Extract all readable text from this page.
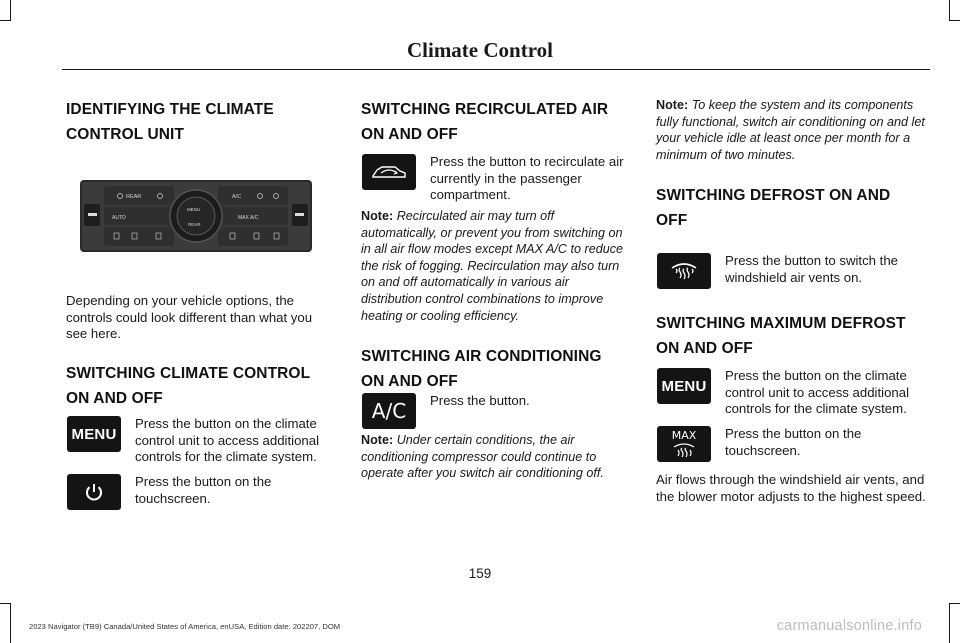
Climate Control
IDENTIFYING THE CLIMATE
CONTROL UNIT
REAR	A/C
AUTO
MENU
REAR
MAX A/C

Depending on your vehicle options, the controls could look different than what you see here.

SWITCHING CLIMATE CONTROL
ON AND OFF
MENU
Press the button on the climate control unit to access additional controls for the climate system.
Press the button on the touchscreen.
SWITCHING RECIRCULATED AIR
ON AND OFF
Press the button to recirculate air currently in the passenger compartment.

Note: Recirculated air may turn off automatically, or prevent you from switching on in all air flow modes except MAX A/C to reduce the risk of fogging. Recirculation may also turn on and off automatically in various air distribution control combinations to improve heating or cooling efficiency.

SWITCHING AIR CONDITIONING
ON AND OFF
A/C Press the button.

Note: Under certain conditions, the air conditioning compressor could continue to operate after you switch air conditioning off.

Note: To keep the system and its components fully functional, switch air conditioning on and let your vehicle idle at least once per month for a minimum of two minutes.

SWITCHING DEFROST ON AND
OFF
Press the button to switch the windshield air vents on.
SWITCHING MAXIMUM DEFROST
ON AND OFF
MENU
Press the button on the climate control unit to access additional controls for the climate system.
MAX Press the button on the touchscreen.

Air flows through the windshield air vents, and the blower motor adjusts to the highest speed.

159
2023 Navigator (TB9) Canada/United States of America, enUSA, Edition date: 202207, DOM	carmanualsonline.info
